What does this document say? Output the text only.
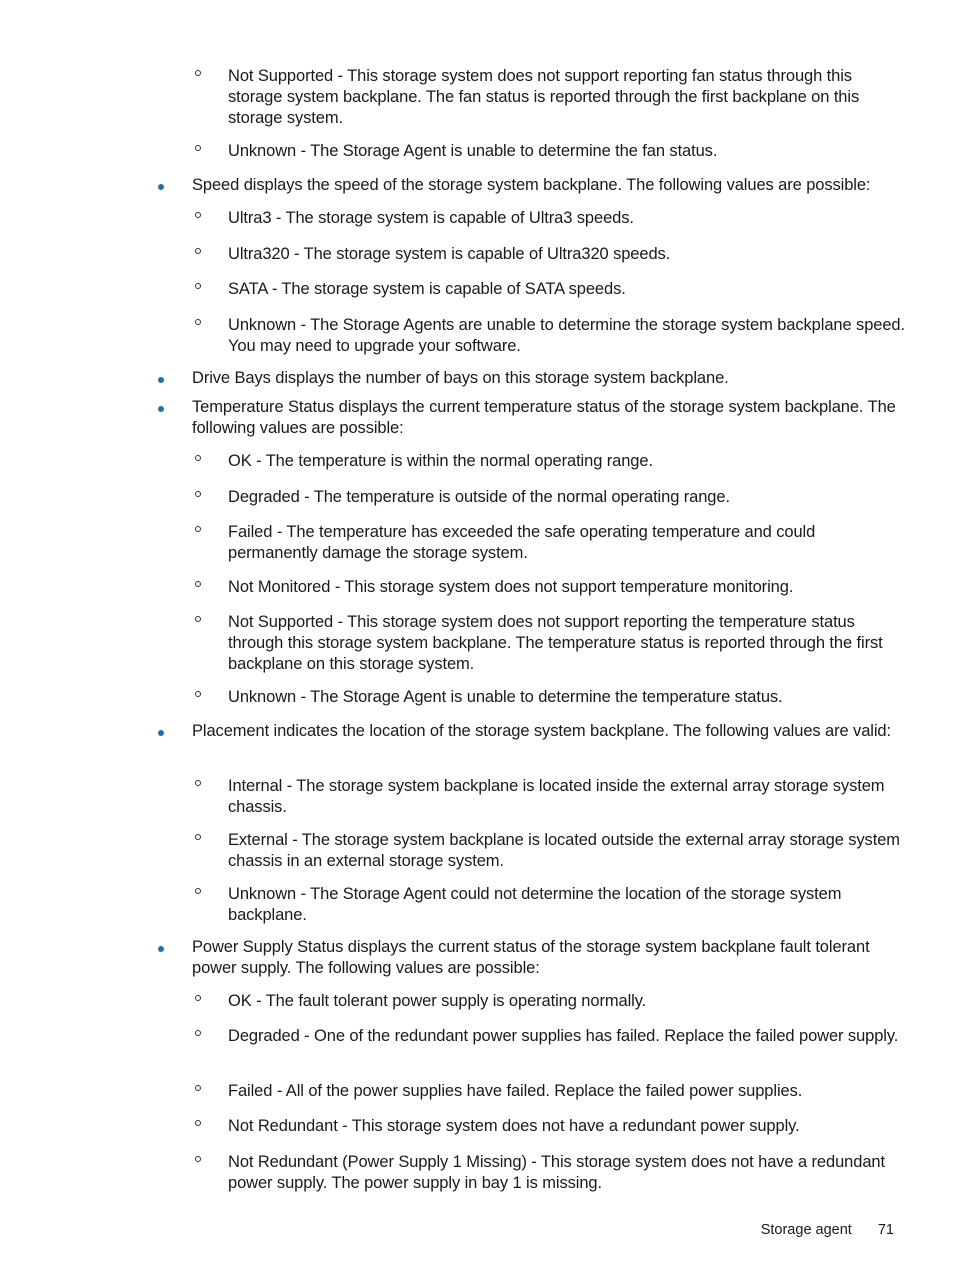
Not Supported - This storage system does not support reporting fan status through this storage system backplane. The fan status is reported through the first backplane on this storage system.
Unknown - The Storage Agent is unable to determine the fan status.
Speed displays the speed of the storage system backplane. The following values are possible:
Ultra3 - The storage system is capable of Ultra3 speeds.
Ultra320 - The storage system is capable of Ultra320 speeds.
SATA - The storage system is capable of SATA speeds.
Unknown - The Storage Agents are unable to determine the storage system backplane speed. You may need to upgrade your software.
Drive Bays displays the number of bays on this storage system backplane.
Temperature Status displays the current temperature status of the storage system backplane. The following values are possible:
OK - The temperature is within the normal operating range.
Degraded - The temperature is outside of the normal operating range.
Failed - The temperature has exceeded the safe operating temperature and could permanently damage the storage system.
Not Monitored - This storage system does not support temperature monitoring.
Not Supported - This storage system does not support reporting the temperature status through this storage system backplane. The temperature status is reported through the first backplane on this storage system.
Unknown - The Storage Agent is unable to determine the temperature status.
Placement indicates the location of the storage system backplane. The following values are valid:
Internal - The storage system backplane is located inside the external array storage system chassis.
External - The storage system backplane is located outside the external array storage system chassis in an external storage system.
Unknown - The Storage Agent could not determine the location of the storage system backplane.
Power Supply Status displays the current status of the storage system backplane fault tolerant power supply. The following values are possible:
OK - The fault tolerant power supply is operating normally.
Degraded - One of the redundant power supplies has failed. Replace the failed power supply.
Failed - All of the power supplies have failed. Replace the failed power supplies.
Not Redundant - This storage system does not have a redundant power supply.
Not Redundant (Power Supply 1 Missing) - This storage system does not have a redundant power supply. The power supply in bay 1 is missing.
Storage agent 71
